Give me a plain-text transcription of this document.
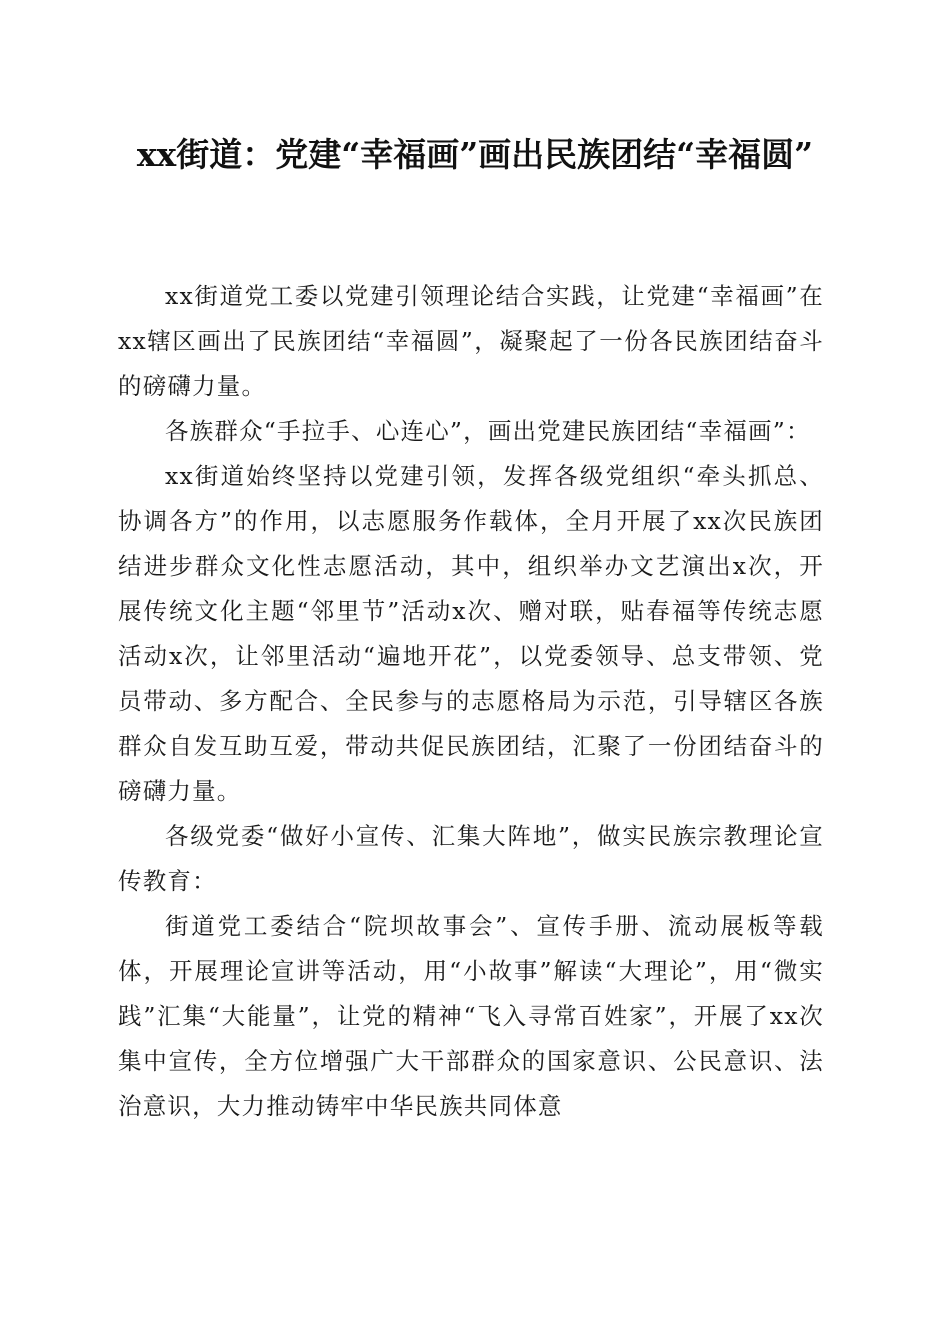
xx街道：党建“幸福画”画出民族团结“幸福圆”

xx街道党工委以党建引领理论结合实践，让党建“幸福画”在xx辖区画出了民族团结“幸福圆”，凝聚起了一份各民族团结奋斗的磅礴力量。

各族群众“手拉手、心连心”，画出党建民族团结“幸福画”：

xx街道始终坚持以党建引领，发挥各级党组织“牵头抓总、协调各方”的作用，以志愿服务作载体，全月开展了xx次民族团结进步群众文化性志愿活动，其中，组织举办文艺演出x次，开展传统文化主题“邻里节”活动x次、赠对联，贴春福等传统志愿活动x次，让邻里活动“遍地开花”，以党委领导、总支带领、党员带动、多方配合、全民参与的志愿格局为示范，引导辖区各族群众自发互助互爱，带动共促民族团结，汇聚了一份团结奋斗的磅礴力量。

各级党委“做好小宣传、汇集大阵地”，做实民族宗教理论宣传教育：

街道党工委结合“院坝故事会”、宣传手册、流动展板等载体，开展理论宣讲等活动，用“小故事”解读“大理论”，用“微实践”汇集“大能量”，让党的精神“飞入寻常百姓家”，开展了xx次集中宣传，全方位增强广大干部群众的国家意识、公民意识、法治意识，大力推动铸牢中华民族共同体意
